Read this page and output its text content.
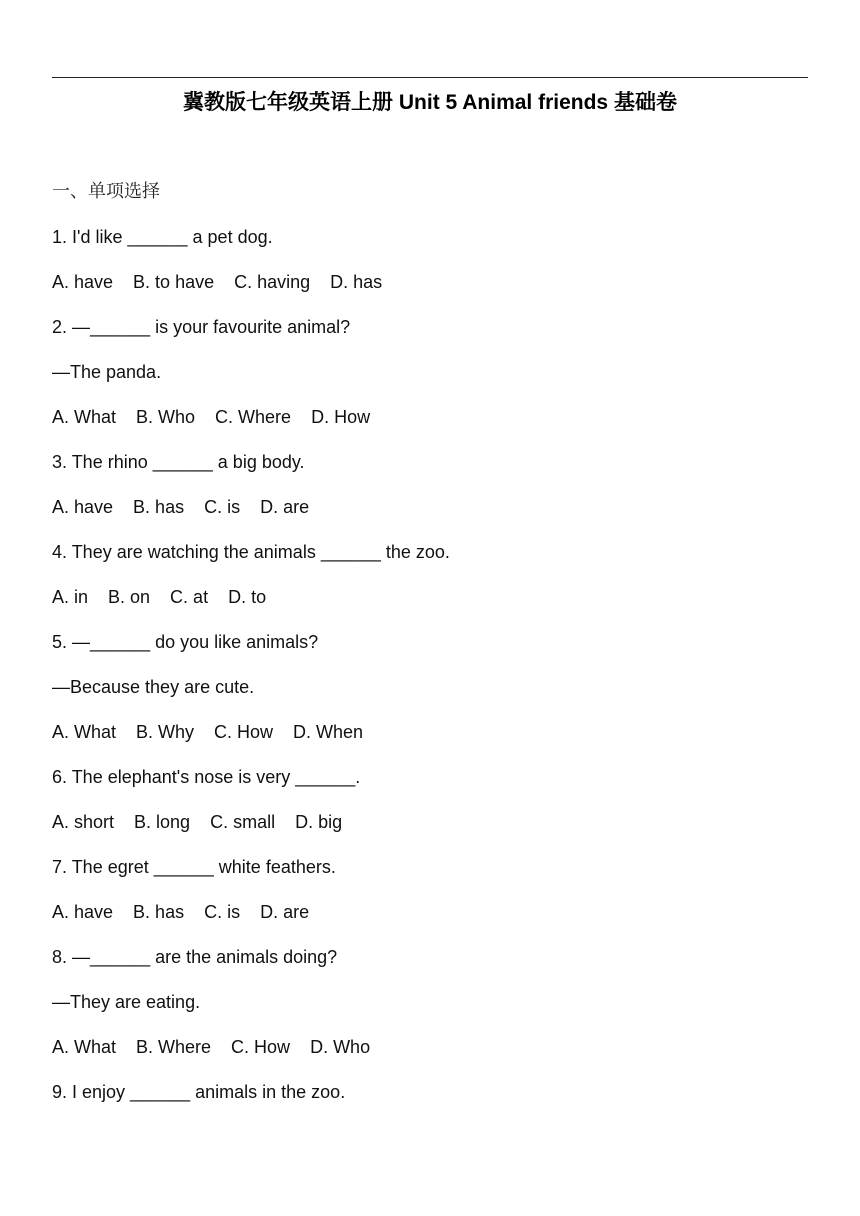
冀教版七年级英语上册 Unit 5 Animal friends 基础卷
一、单项选择
1. I'd like ______ a pet dog.
A. have    B. to have    C. having    D. has
2. —______ is your favourite animal?
—The panda.
A. What    B. Who    C. Where    D. How
3. The rhino ______ a big body.
A. have    B. has    C. is    D. are
4. They are watching the animals ______ the zoo.
A. in    B. on    C. at    D. to
5. —______ do you like animals?
—Because they are cute.
A. What    B. Why    C. How    D. When
6. The elephant's nose is very ______.
A. short    B. long    C. small    D. big
7. The egret ______ white feathers.
A. have    B. has    C. is    D. are
8. —______ are the animals doing?
—They are eating.
A. What    B. Where    C. How    D. Who
9. I enjoy ______ animals in the zoo.
